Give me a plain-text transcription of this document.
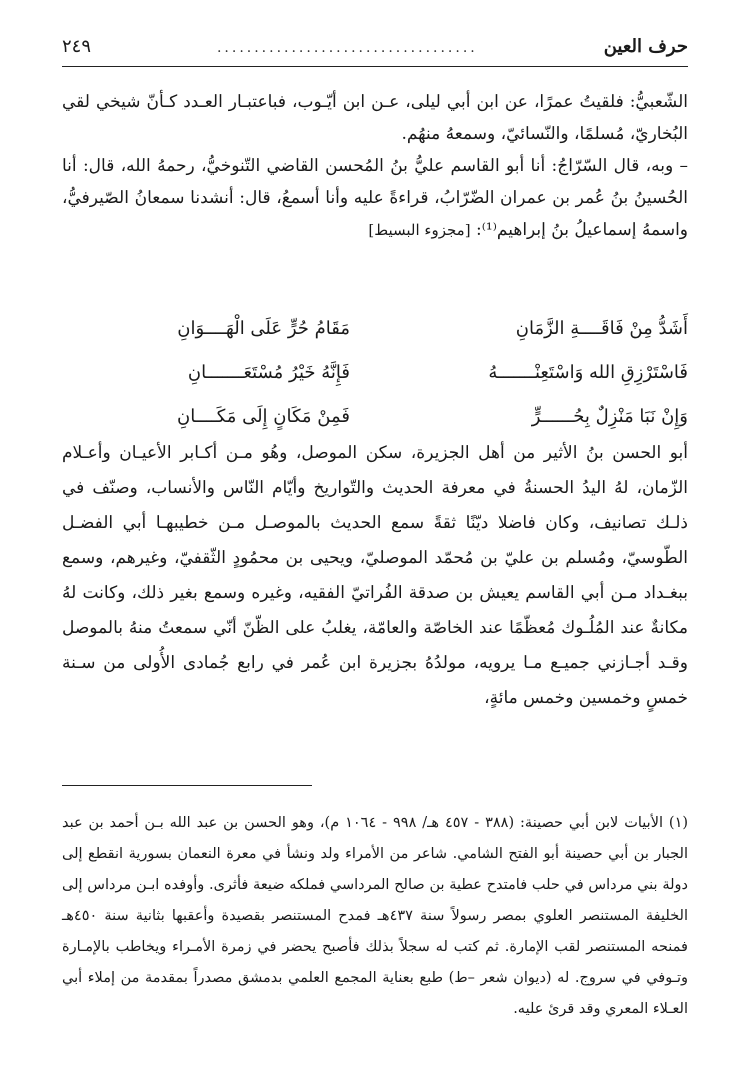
حرف العين
...................................
٢٤٩

الشّعبيُّ: فلقيتُ عمرًا، عن ابن أبي ليلى، عـن ابن أيّـوب، فباعتبـار العـدد كـأنّ شيخي لقي البُخاريّ، مُسلمًا، والنّسائيّ، وسمعهُ منهُم.

– وبه، قال السّرّاجُ: أنا أبو القاسم عليُّ بنُ المُحسن القاضي التّنوخيُّ، رحمهُ الله، قال: أنا الحُسينُ بنُ عُمر بن عمران الضّرّابُ، قراءةً عليه وأنا أسمعُ، قال: أنشدنا سمعانُ الصّيرفيُّ، واسمهُ إسماعيلُ بنُ إبراهيم⁽¹⁾: [مجزوء البسيط]

أَشَدُّ مِنْ فَاقَــــةِ الزَّمَانِ
مَقَامُ حُرٍّ عَلَى الْهَــــوَانِ
فَاسْتَرْزِقِ الله وَاسْتَعِنْـــــــهُ
فَإِنَّهُ خَيْرُ مُسْتَعَـــــــانِ
وَإِنْ نَبَا مَنْزِلٌ بِحُــــــرٍّ
فَمِنْ مَكَانٍ إِلَى مَكَــــانِ

أبو الحسن بنُ الأثير من أهل الجزيرة، سكن الموصل، وهُو مـن أكـابر الأعيـان وأعـلام الزّمان، لهُ اليدُ الحسنةُ في معرفة الحديث والتّواريخ وأيّام النّاس والأنساب، وصنّف في ذلـك تصانيف، وكان فاضلا ديّنًا ثقةً سمع الحديث بالموصـل مـن خطيبهـا أبي الفضـل الطّوسيّ، ومُسلم بن عليّ بن مُحمّد الموصليّ، ويحيى بن محمُودٍ الثّقفيّ، وغيرهم، وسمع ببغـداد مـن أبي القاسم يعيش بن صدقة الفُراتيّ الفقيه، وغيره وسمع بغير ذلك، وكانت لهُ مكانةٌ عند المُلُـوك مُعظّمًا عند الخاصّة والعامّة، يغلبُ على الظّنّ أنّي سمعتُ منهُ بالموصل وقـد أجـازني جميـع مـا يرويه، مولدُهُ بجزيرة ابن عُمر في رابع جُمادى الأُولى من سـنة خمسٍ وخمسين وخمس مائةٍ،

(١) الأبيات لابن أبي حصينة: (٣٨٨ - ٤٥٧ هـ/ ٩٩٨ - ١٠٦٤ م)، وهو الحسن بن عبد الله بـن أحمد بن عبد الجبار بن أبي حصينة أبو الفتح الشامي. شاعر من الأمراء ولد ونشأ في معرة النعمان بسورية انقطع إلى دولة بني مرداس في حلب فامتدح عطية بن صالح المرداسي فملكه ضيعة فأثرى. وأوفده ابـن مرداس إلى الخليفة المستنصر العلوي بمصر رسولاً سنة ٤٣٧هـ فمدح المستنصر بقصيدة وأعقبها بثانية سنة ٤٥٠هـ فمنحه المستنصر لقب الإمارة. ثم كتب له سجلاً بذلك فأصبح يحضر في زمرة الأمـراء ويخاطب بالإمـارة وتـوفي في سروج. له (ديوان شعر –ط) طبع بعناية المجمع العلمي بدمشق مصدراً بمقدمة من إملاء أبي العـلاء المعري وقد قرئ عليه.
